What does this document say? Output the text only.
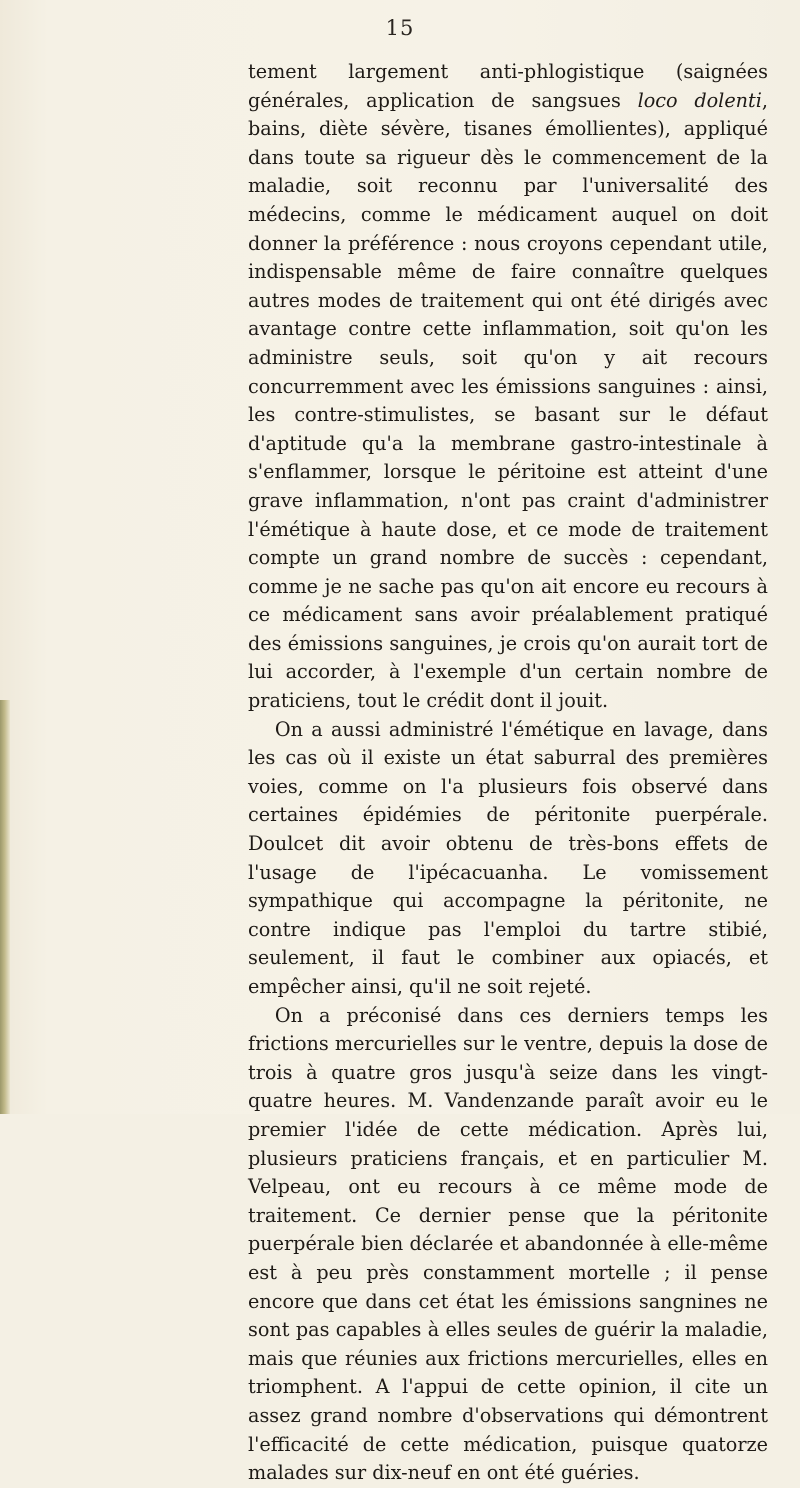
15

tement largement anti-phlogistique (saignées générales, application de sangsues loco dolenti, bains, diète sévère, tisanes émollientes), appliqué dans toute sa rigueur dès le commencement de la maladie, soit reconnu par l'universalité des médecins, comme le médicament auquel on doit donner la préférence : nous croyons cependant utile, indispensable même de faire connaître quelques autres modes de traitement qui ont été dirigés avec avantage contre cette inflammation, soit qu'on les administre seuls, soit qu'on y ait recours concurremment avec les émissions sanguines : ainsi, les contre-stimulistes, se basant sur le défaut d'aptitude qu'a la membrane gastro-intestinale à s'enflammer, lorsque le péritoine est atteint d'une grave inflammation, n'ont pas craint d'administrer l'émétique à haute dose, et ce mode de traitement compte un grand nombre de succès : cependant, comme je ne sache pas qu'on ait encore eu recours à ce médicament sans avoir préalablement pratiqué des émissions sanguines, je crois qu'on aurait tort de lui accorder, à l'exemple d'un certain nombre de praticiens, tout le crédit dont il jouit.

On a aussi administré l'émétique en lavage, dans les cas où il existe un état saburral des premières voies, comme on l'a plusieurs fois observé dans certaines épidémies de péritonite puerpérale. Doulcet dit avoir obtenu de très-bons effets de l'usage de l'ipécacuanha. Le vomissement sympathique qui accompagne la péritonite, ne contre indique pas l'emploi du tartre stibié, seulement, il faut le combiner aux opiacés, et empêcher ainsi, qu'il ne soit rejeté.

On a préconisé dans ces derniers temps les frictions mercurielles sur le ventre, depuis la dose de trois à quatre gros jusqu'à seize dans les vingt-quatre heures. M. Vandenzande paraît avoir eu le premier l'idée de cette médication. Après lui, plusieurs praticiens français, et en particulier M. Velpeau, ont eu recours à ce même mode de traitement. Ce dernier pense que la péritonite puerpérale bien déclarée et abandonnée à elle-même est à peu près constamment mortelle ; il pense encore que dans cet état les émissions sangnines ne sont pas capables à elles seules de guérir la maladie, mais que réunies aux frictions mercurielles, elles en triomphent. A l'appui de cette opinion, il cite un assez grand nombre d'observations qui démontrent l'efficacité de cette médication, puisque quatorze malades sur dix-neuf en ont été guéries.
